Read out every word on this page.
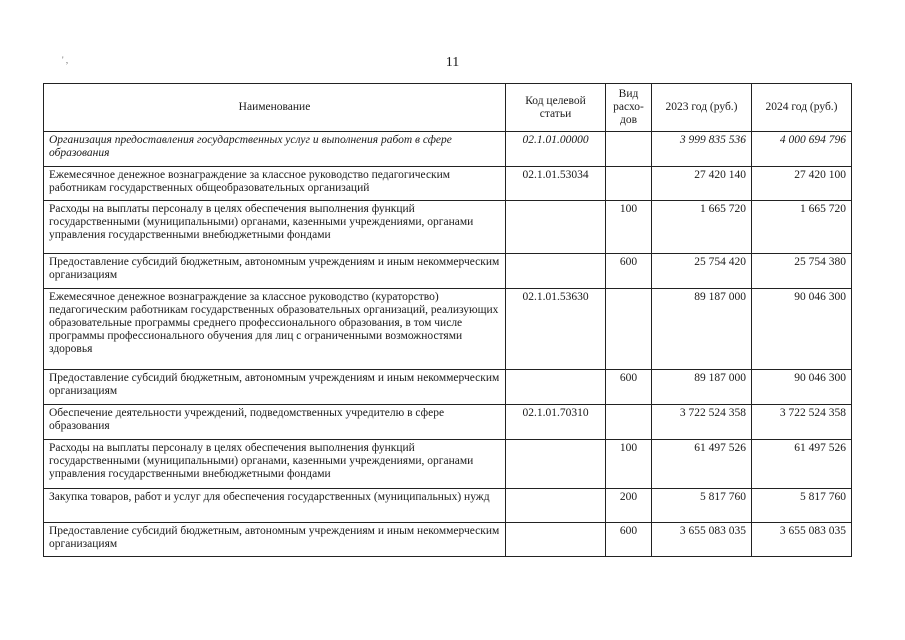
' ,	11
Наименование	Код целевой статьи	Вид расхо-дов	2023 год (руб.)	2024 год (руб.)
Организация предоставления государственных услуг и выполнения работ в сфере образования	02.1.01.00000		3 999 835 536	4 000 694 796
Ежемесячное денежное вознаграждение за классное руководство педагогическим работникам государственных общеобразовательных организаций	02.1.01.53034		27 420 140	27 420 100
Расходы на выплаты персоналу в целях обеспечения выполнения функций государственными (муниципальными) органами, казенными учреждениями, органами управления государственными внебюджетными фондами		100	1 665 720	1 665 720
Предоставление субсидий бюджетным, автономным учреждениям и иным некоммерческим организациям		600	25 754 420	25 754 380
Ежемесячное денежное вознаграждение за классное руководство (кураторство) педагогическим работникам государственных образовательных организаций, реализующих образовательные программы среднего профессионального образования, в том числе программы профессионального обучения для лиц с ограниченными возможностями здоровья	02.1.01.53630		89 187 000	90 046 300
Предоставление субсидий бюджетным, автономным учреждениям и иным некоммерческим организациям		600	89 187 000	90 046 300
Обеспечение деятельности учреждений, подведомственных учредителю в сфере образования	02.1.01.70310		3 722 524 358	3 722 524 358
Расходы на выплаты персоналу в целях обеспечения выполнения функций государственными (муниципальными) органами, казенными учреждениями, органами управления государственными внебюджетными фондами		100	61 497 526	61 497 526
Закупка товаров, работ и услуг для обеспечения государственных (муниципальных) нужд		200	5 817 760	5 817 760
Предоставление субсидий бюджетным, автономным учреждениям и иным некоммерческим организациям		600	3 655 083 035	3 655 083 035
